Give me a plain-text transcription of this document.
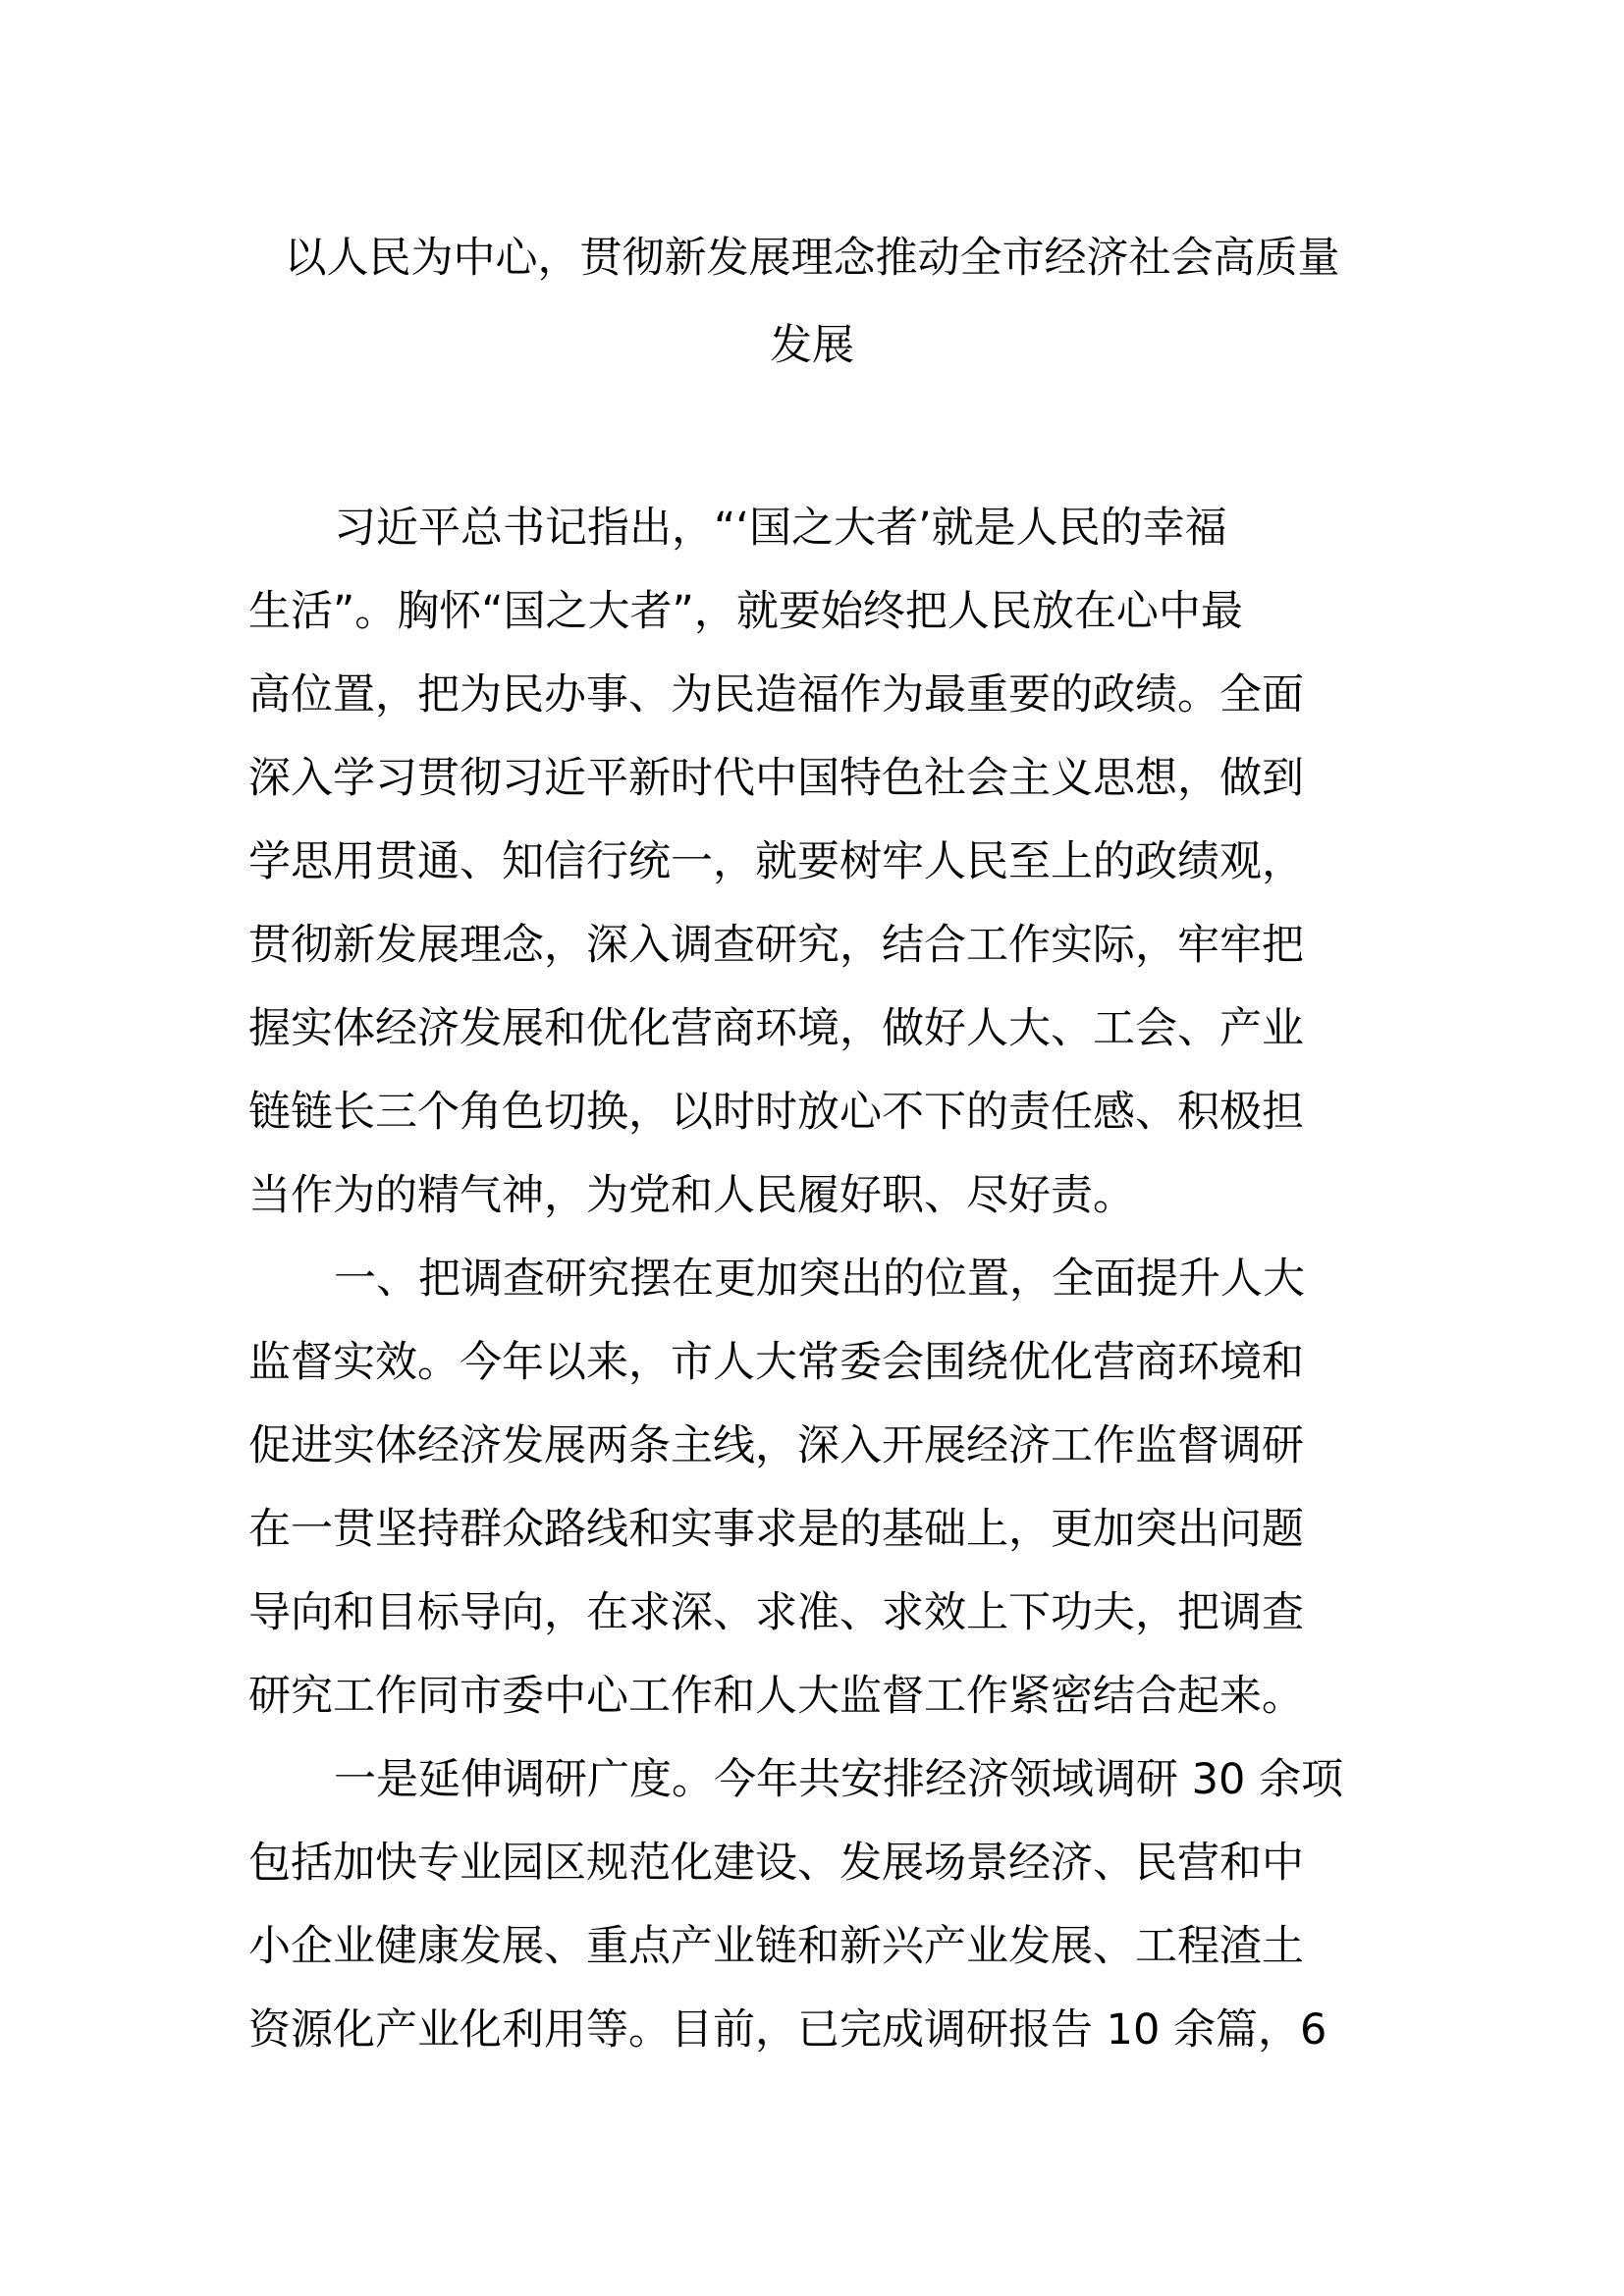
以人民为中心，贯彻新发展理念推动全市经济社会高质量
发展
习近平总书记指出，“‘国之大者’就是人民的幸福
生活”。胸怀“国之大者”，就要始终把人民放在心中最
高位置，把为民办事、为民造福作为最重要的政绩。全面
深入学习贯彻习近平新时代中国特色社会主义思想，做到
学思用贯通、知信行统一，就要树牢人民至上的政绩观，
贯彻新发展理念，深入调查研究，结合工作实际，牢牢把
握实体经济发展和优化营商环境，做好人大、工会、产业
链链长三个角色切换，以时时放心不下的责任感、积极担
当作为的精气神，为党和人民履好职、尽好责。
一、把调查研究摆在更加突出的位置，全面提升人大
监督实效。今年以来，市人大常委会围绕优化营商环境和
促进实体经济发展两条主线，深入开展经济工作监督调研
在一贯坚持群众路线和实事求是的基础上，更加突出问题
导向和目标导向，在求深、求准、求效上下功夫，把调查
研究工作同市委中心工作和人大监督工作紧密结合起来。
一是延伸调研广度。今年共安排经济领域调研 30 余项
包括加快专业园区规范化建设、发展场景经济、民营和中
小企业健康发展、重点产业链和新兴产业发展、工程渣土
资源化产业化利用等。目前，已完成调研报告 10 余篇，6
